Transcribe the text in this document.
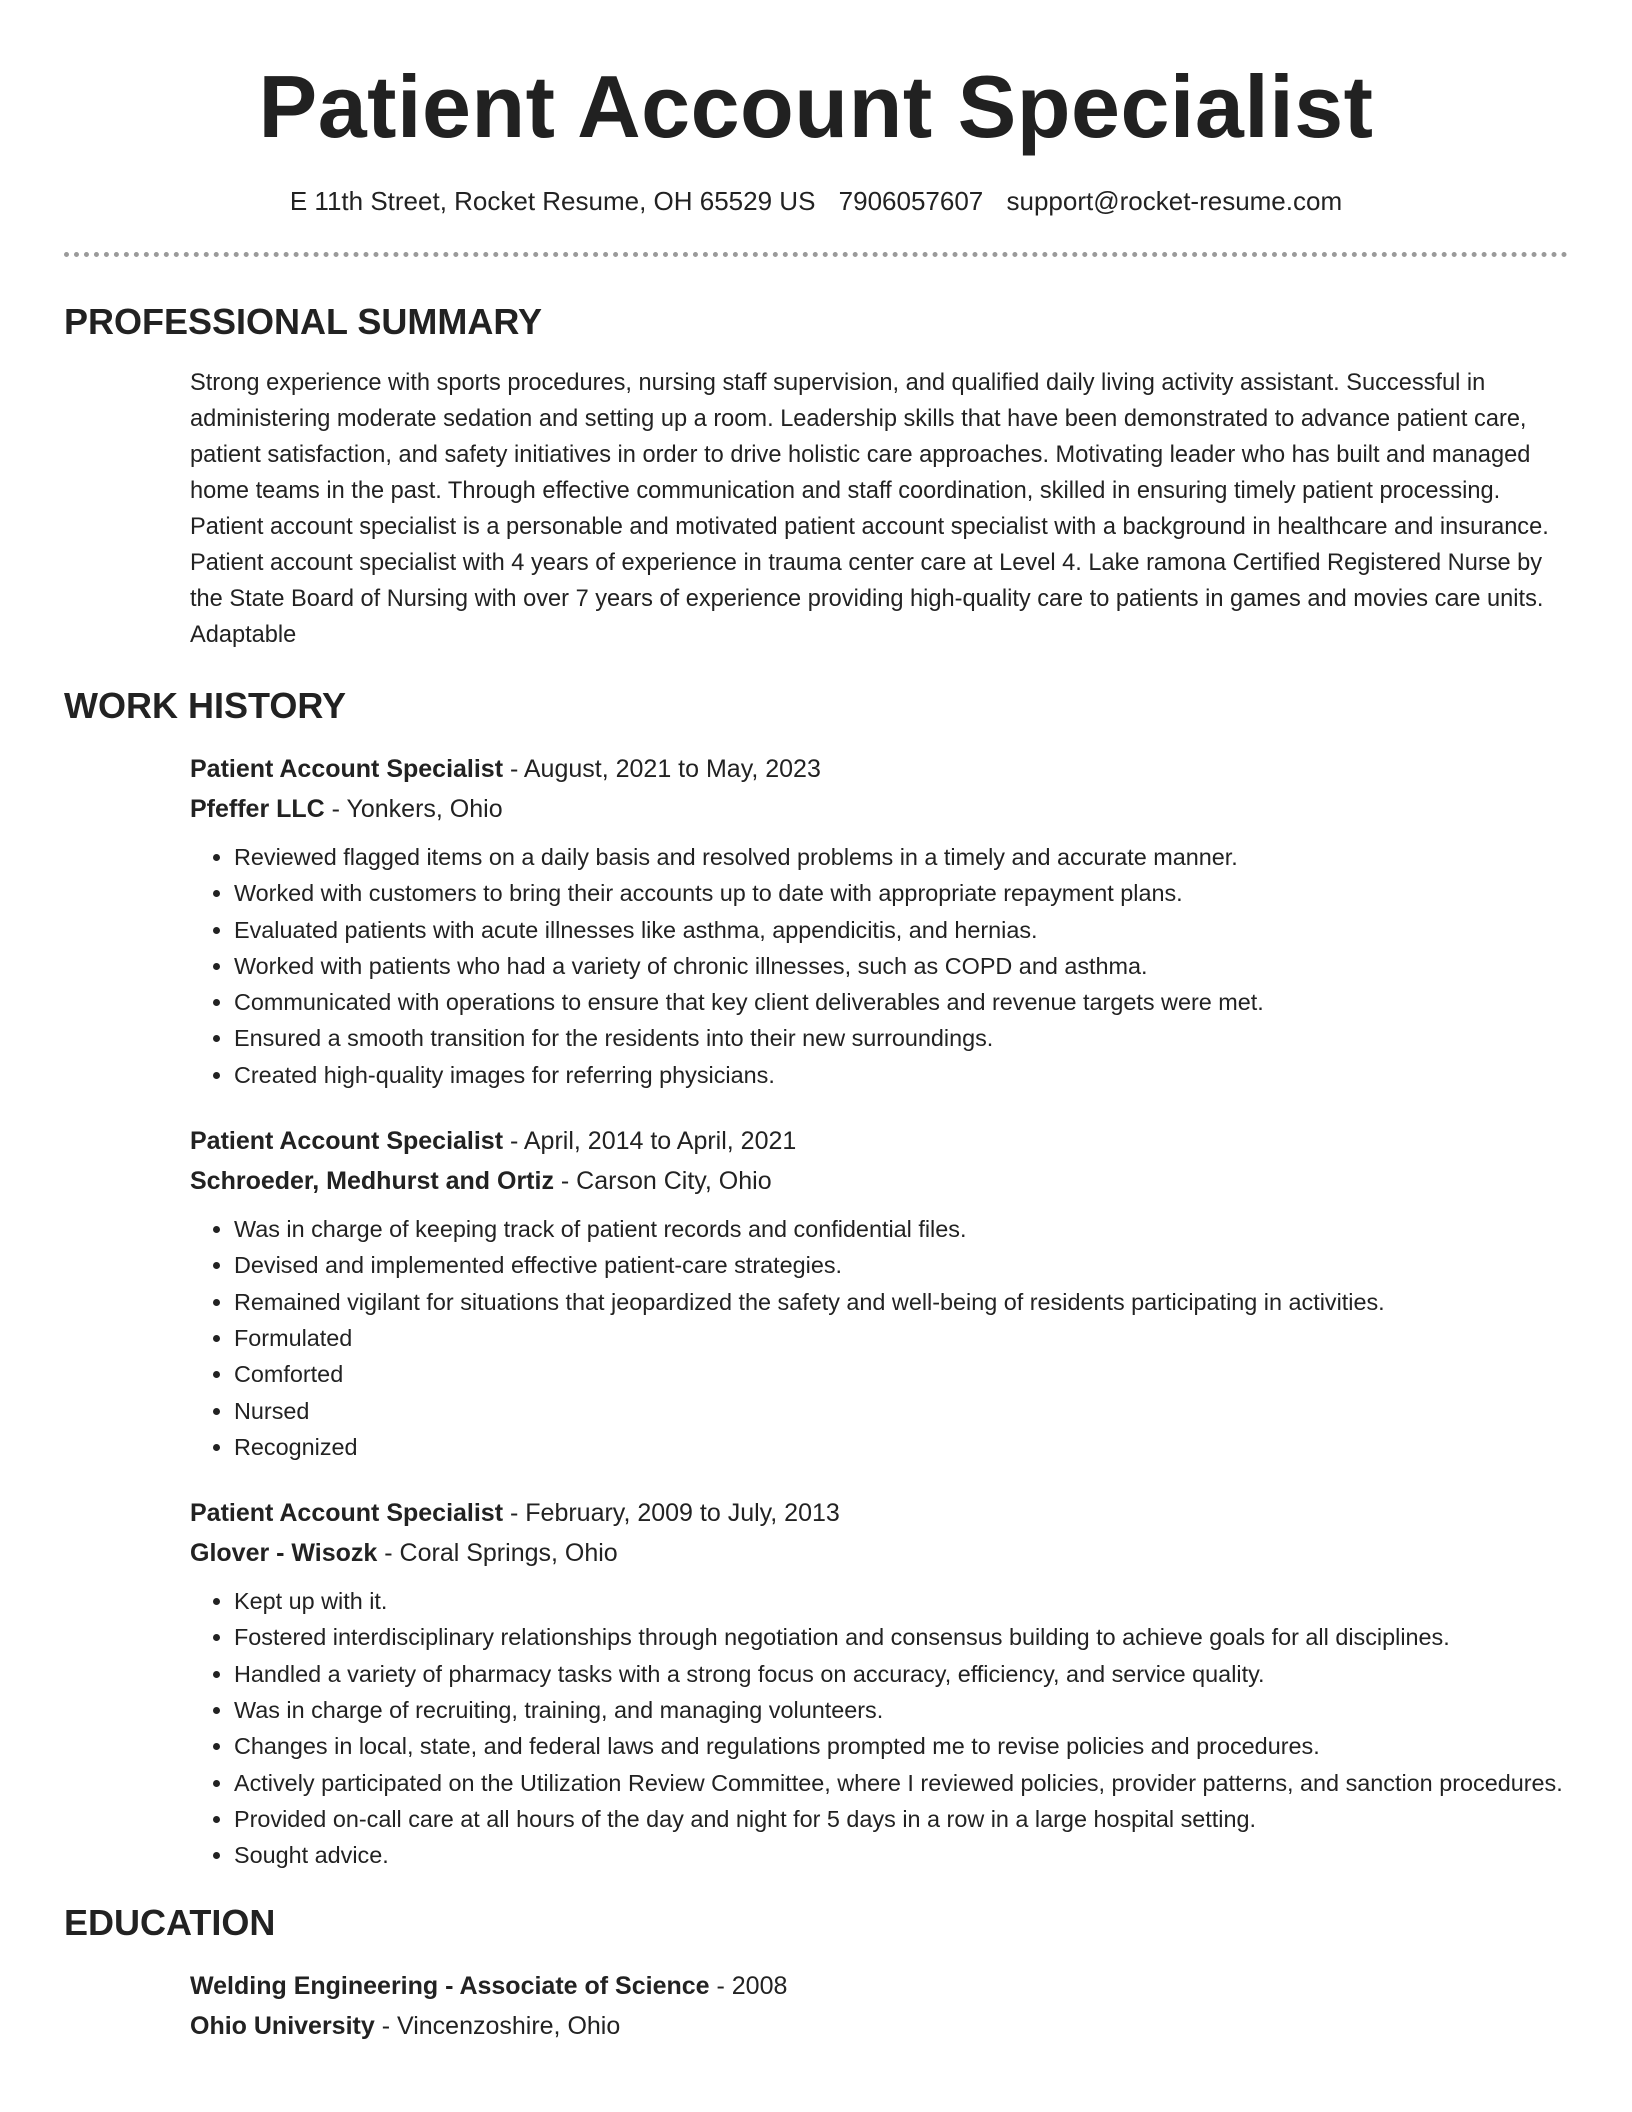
Patient Account Specialist
E 11th Street, Rocket Resume, OH 65529 US 7906057607 support@rocket-resume.com
PROFESSIONAL SUMMARY

Strong experience with sports procedures, nursing staff supervision, and qualified daily living activity assistant. Successful in administering moderate sedation and setting up a room. Leadership skills that have been demonstrated to advance patient care, patient satisfaction, and safety initiatives in order to drive holistic care approaches. Motivating leader who has built and managed home teams in the past. Through effective communication and staff coordination, skilled in ensuring timely patient processing. Patient account specialist is a personable and motivated patient account specialist with a background in healthcare and insurance. Patient account specialist with 4 years of experience in trauma center care at Level 4. Lake ramona Certified Registered Nurse by the State Board of Nursing with over 7 years of experience providing high-quality care to patients in games and movies care units. Adaptable

WORK HISTORY
Patient Account Specialist - August, 2021 to May, 2023
Pfeffer LLC - Yonkers, Ohio
• Reviewed flagged items on a daily basis and resolved problems in a timely and accurate manner.
• Worked with customers to bring their accounts up to date with appropriate repayment plans.
• Evaluated patients with acute illnesses like asthma, appendicitis, and hernias.
• Worked with patients who had a variety of chronic illnesses, such as COPD and asthma.
• Communicated with operations to ensure that key client deliverables and revenue targets were met.
• Ensured a smooth transition for the residents into their new surroundings.
• Created high-quality images for referring physicians.
Patient Account Specialist - April, 2014 to April, 2021
Schroeder, Medhurst and Ortiz - Carson City, Ohio
• Was in charge of keeping track of patient records and confidential files.
• Devised and implemented effective patient-care strategies.
• Remained vigilant for situations that jeopardized the safety and well-being of residents participating in activities.
• Formulated
• Comforted
• Nursed
• Recognized
Patient Account Specialist - February, 2009 to July, 2013
Glover - Wisozk - Coral Springs, Ohio
• Kept up with it.
• Fostered interdisciplinary relationships through negotiation and consensus building to achieve goals for all disciplines.
• Handled a variety of pharmacy tasks with a strong focus on accuracy, efficiency, and service quality.
• Was in charge of recruiting, training, and managing volunteers.
• Changes in local, state, and federal laws and regulations prompted me to revise policies and procedures.
• Actively participated on the Utilization Review Committee, where I reviewed policies, provider patterns, and sanction procedures.
• Provided on-call care at all hours of the day and night for 5 days in a row in a large hospital setting.
• Sought advice.
EDUCATION
Welding Engineering - Associate of Science - 2008
Ohio University - Vincenzoshire, Ohio
